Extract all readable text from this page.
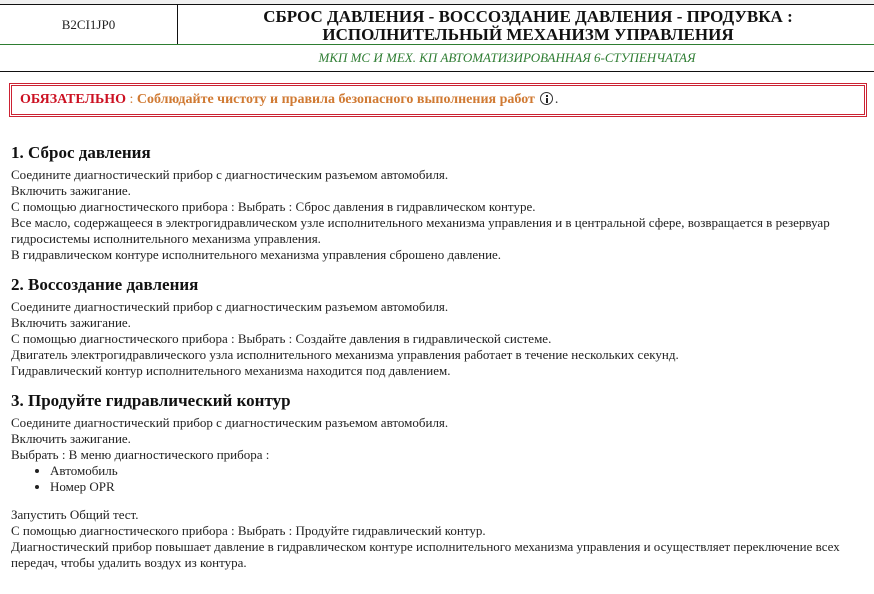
B2CI1JP0	СБРОС ДАВЛЕНИЯ - ВОССОЗДАНИЕ ДАВЛЕНИЯ - ПРОДУВКА : ИСПОЛНИТЕЛЬНЫЙ МЕХАНИЗМ УПРАВЛЕНИЯ
МКП МС И МЕХ. КП АВТОМАТИЗИРОВАННАЯ 6-СТУПЕНЧАТАЯ
ОБЯЗАТЕЛЬНО : Соблюдайте чистоту и правила безопасного выполнения работ .
1. Сброс давления

Соедините диагностический прибор с диагностическим разъемом автомобиля.

Включить зажигание.

С помощью диагностического прибора : Выбрать : Сброс давления в гидравлическом контуре.

Все масло, содержащееся в электрогидравлическом узле исполнительного механизма управления и в центральной сфере, возвращается в резервуар гидросистемы исполнительного механизма управления.

В гидравлическом контуре исполнительного механизма управления сброшено давление.

2. Воссоздание давления

Соедините диагностический прибор с диагностическим разъемом автомобиля.

Включить зажигание.

С помощью диагностического прибора : Выбрать : Создайте давления в гидравлической системе.

Двигатель электрогидравлического узла исполнительного механизма управления работает в течение нескольких секунд.

Гидравлический контур исполнительного механизма находится под давлением.

3. Продуйте гидравлический контур

Соедините диагностический прибор с диагностическим разъемом автомобиля.

Включить зажигание.

Выбрать : В меню диагностического прибора :

• Автомобиль
• Номер OPR

Запустить Общий тест.

С помощью диагностического прибора : Выбрать : Продуйте гидравлический контур.

Диагностический прибор повышает давление в гидравлическом контуре исполнительного механизма управления и осуществляет переключение всех передач, чтобы удалить воздух из контура.
